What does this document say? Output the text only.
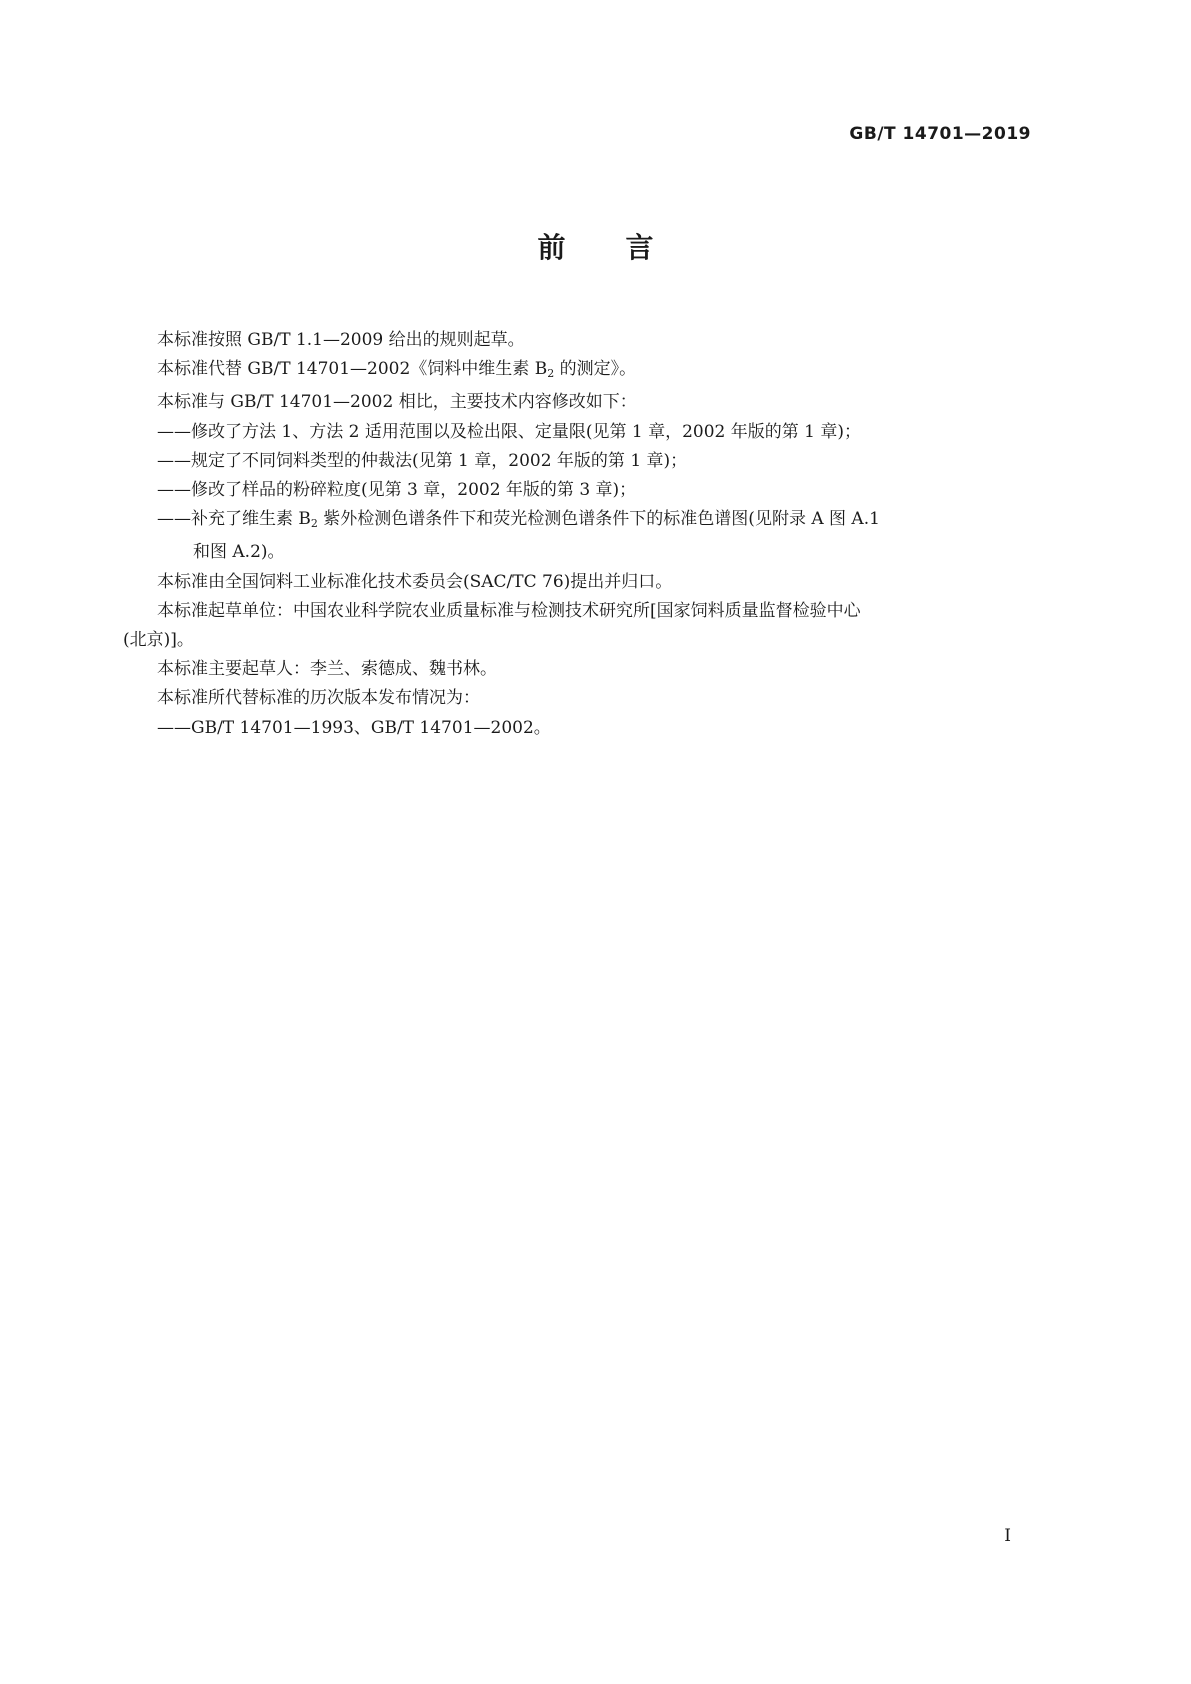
GB/T 14701—2019
前言

本标准按照 GB/T 1.1—2009 给出的规则起草。

本标准代替 GB/T 14701—2002《饲料中维生素 $B_2$ 的测定》。

本标准与 GB/T 14701—2002 相比，主要技术内容修改如下：

——修改了方法 1、方法 2 适用范围以及检出限、定量限(见第 1 章，2002 年版的第 1 章)；

——规定了不同饲料类型的仲裁法(见第 1 章，2002 年版的第 1 章)；

——修改了样品的粉碎粒度(见第 3 章，2002 年版的第 3 章)；

——补充了维生素 $B_2$ 紫外检测色谱条件下和荧光检测色谱条件下的标准色谱图(见附录 A 图 A.1
和图 A.2)。

本标准由全国饲料工业标准化技术委员会(SAC/TC 76)提出并归口。

本标准起草单位：中国农业科学院农业质量标准与检测技术研究所[国家饲料质量监督检验中心

(北京)]。

本标准主要起草人：李兰、索德成、魏书林。

本标准所代替标准的历次版本发布情况为：

——GB/T 14701—1993、GB/T 14701—2002。

I
